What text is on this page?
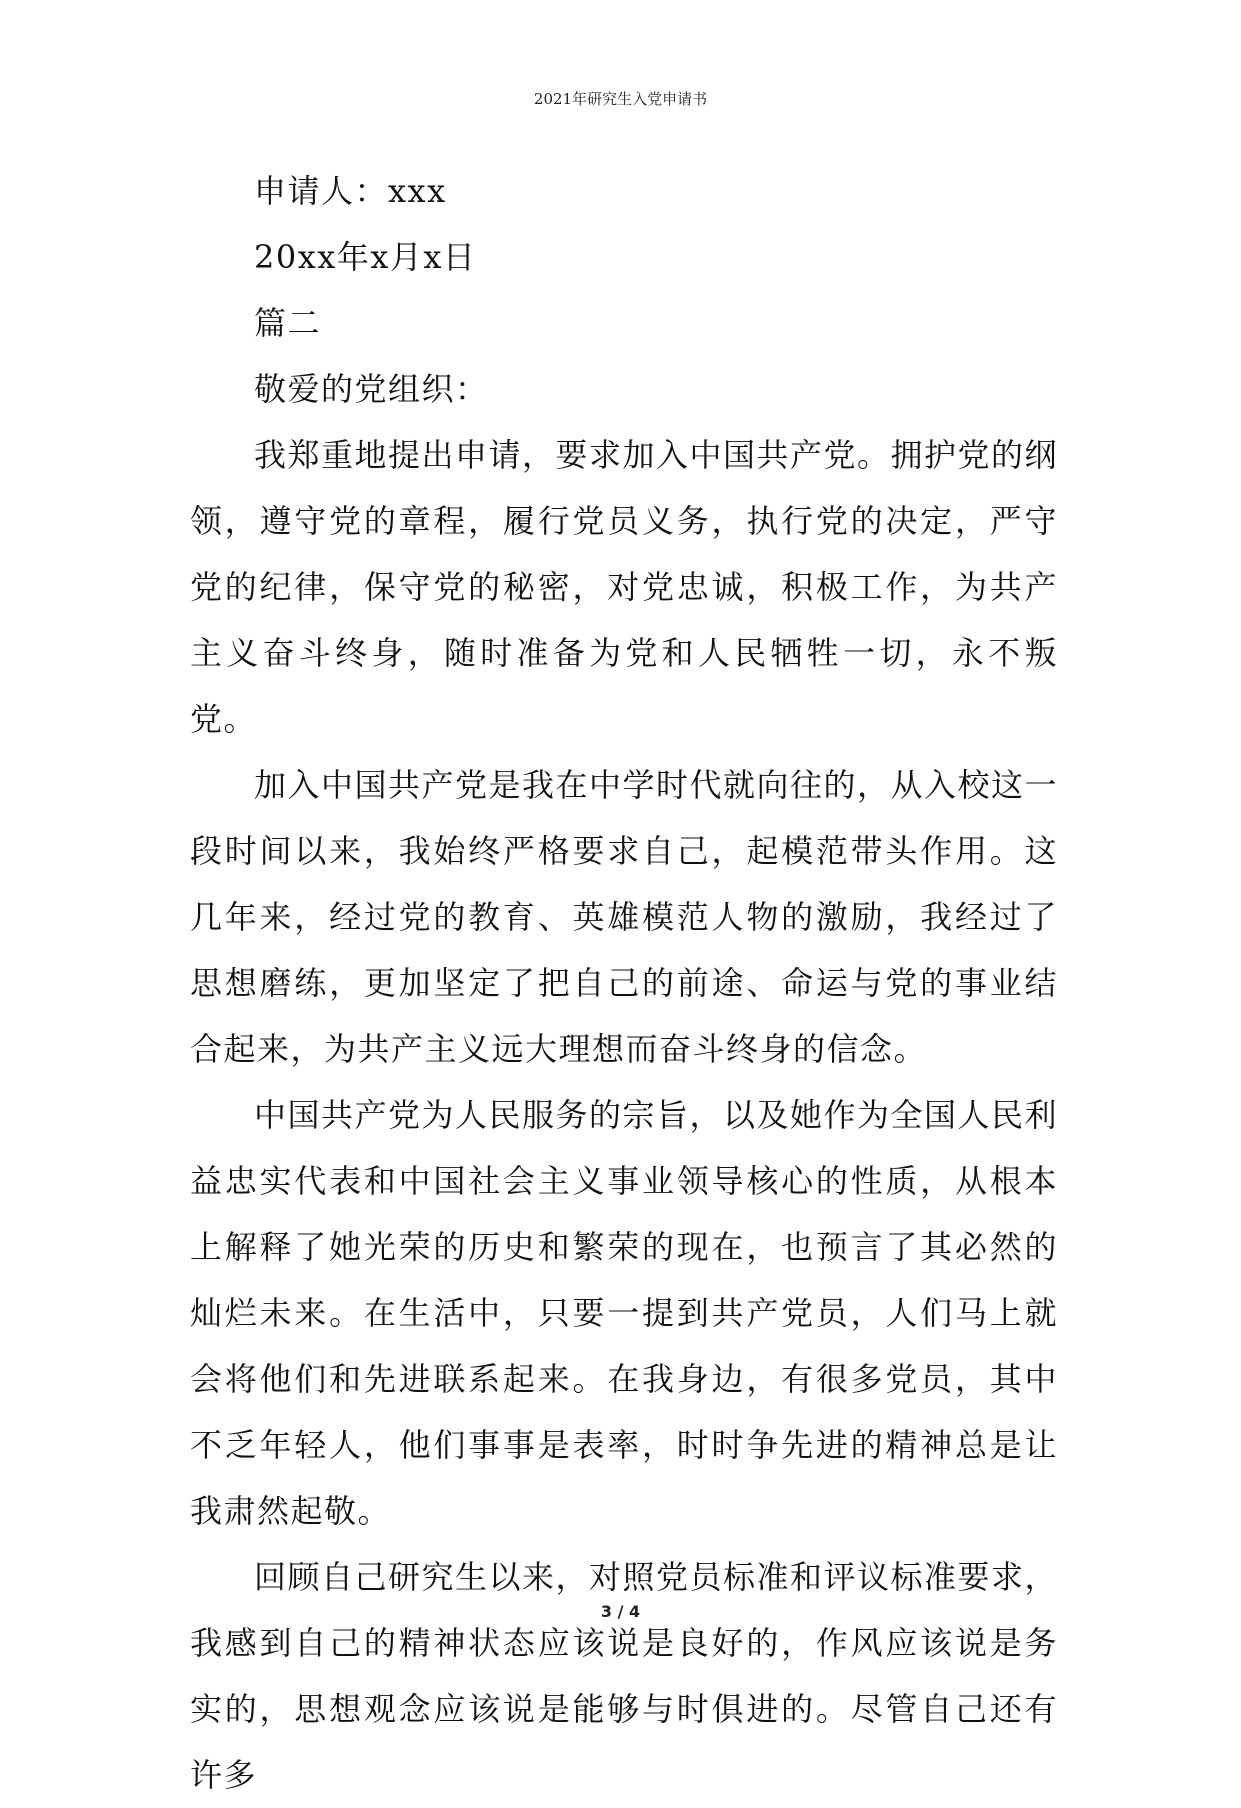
2021年研究生入党申请书

申请人：xxx

20xx年x月x日

篇二

敬爱的党组织：

我郑重地提出申请，要求加入中国共产党。拥护党的纲领，遵守党的章程，履行党员义务，执行党的决定，严守党的纪律，保守党的秘密，对党忠诚，积极工作，为共产主义奋斗终身，随时准备为党和人民牺牲一切，永不叛党。

加入中国共产党是我在中学时代就向往的，从入校这一段时间以来，我始终严格要求自己，起模范带头作用。这几年来，经过党的教育、英雄模范人物的激励，我经过了思想磨练，更加坚定了把自己的前途、命运与党的事业结合起来，为共产主义远大理想而奋斗终身的信念。

中国共产党为人民服务的宗旨，以及她作为全国人民利益忠实代表和中国社会主义事业领导核心的性质，从根本上解释了她光荣的历史和繁荣的现在，也预言了其必然的灿烂未来。在生活中，只要一提到共产党员，人们马上就会将他们和先进联系起来。在我身边，有很多党员，其中不乏年轻人，他们事事是表率，时时争先进的精神总是让我肃然起敬。

回顾自己研究生以来，对照党员标准和评议标准要求，我感到自己的精神状态应该说是良好的，作风应该说是务实的，思想观念应该说是能够与时俱进的。尽管自己还有许多

3 / 4
